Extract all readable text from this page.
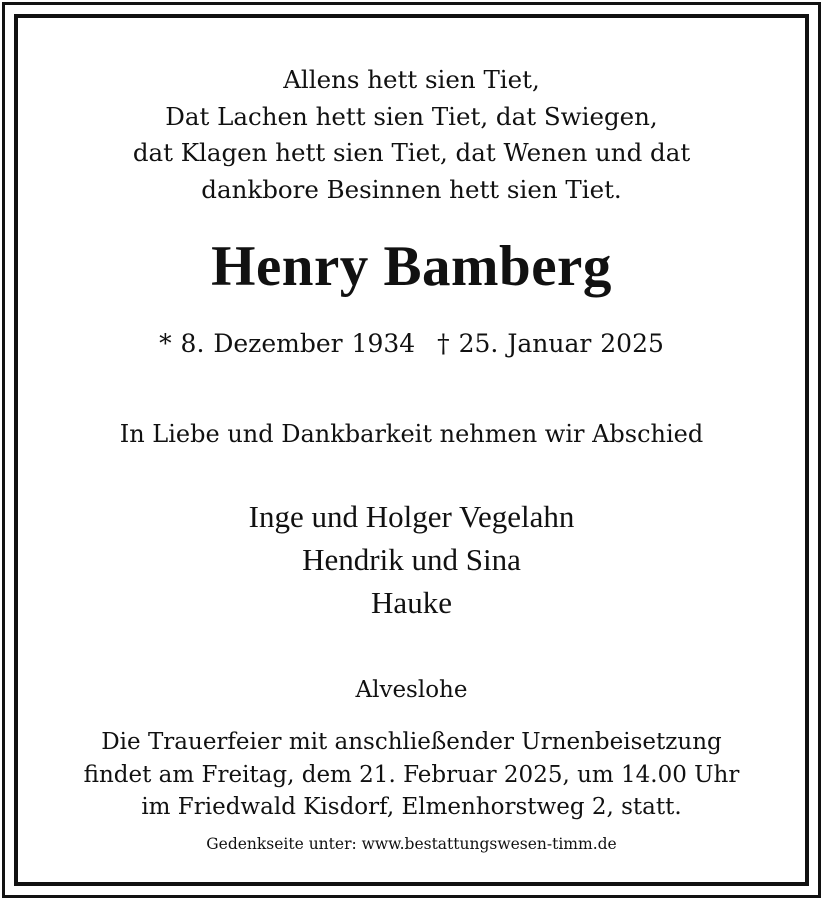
Allens hett sien Tiet,
Dat Lachen hett sien Tiet, dat Swiegen,
dat Klagen hett sien Tiet, dat Wenen und dat
dankbore Besinnen hett sien Tiet.
Henry Bamberg
* 8. Dezember 1934 † 25. Januar 2025
In Liebe und Dankbarkeit nehmen wir Abschied
Inge und Holger Vegelahn
Hendrik und Sina
Hauke
Alveslohe
Die Trauerfeier mit anschließender Urnenbeisetzung
findet am Freitag, dem 21. Februar 2025, um 14.00 Uhr
im Friedwald Kisdorf, Elmenhorstweg 2, statt.
Gedenkseite unter: www.bestattungswesen-timm.de
